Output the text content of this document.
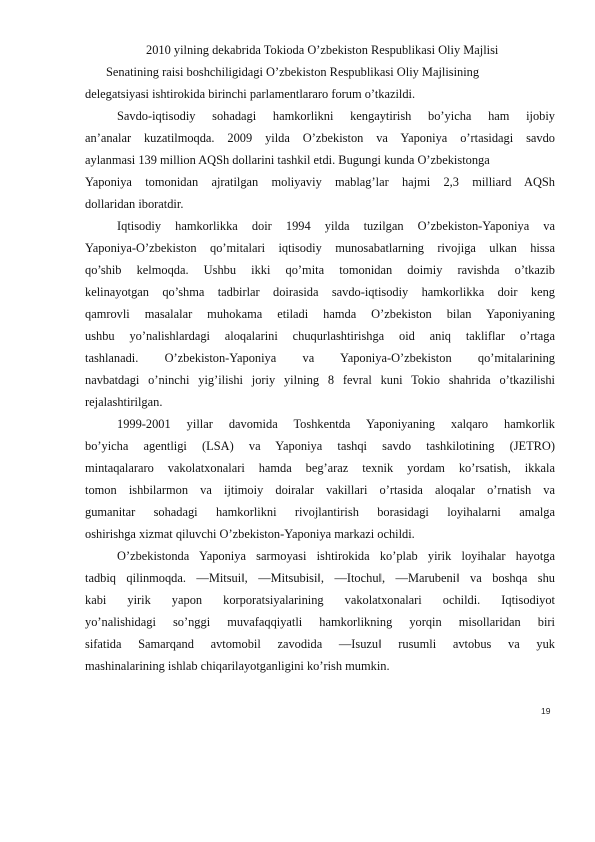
2010 yilning dekabrida Tokioda O’zbekiston Respublikasi Oliy Majlisi
Senatining raisi boshchiligidagi O’zbekiston Respublikasi Oliy Majlisining
delegatsiyasi ishtirokida birinchi parlamentlararo forum o’tkazildi.
Savdo-iqtisodiy sohadagi hamkorlikni kengaytirish bo’yicha ham ijobiy
an’analar kuzatilmoqda. 2009 yilda O’zbekiston va Yaponiya o’rtasidagi savdo
aylanmasi 139 million AQSh dollarini tashkil etdi. Bugungi kunda O’zbekistonga
Yaponiya tomonidan ajratilgan moliyaviy mablag’lar hajmi 2,3 milliard AQSh
dollaridan iboratdir.
Iqtisodiy hamkorlikka doir 1994 yilda tuzilgan O’zbekiston-Yaponiya va
Yaponiya-O’zbekiston qo’mitalari iqtisodiy munosabatlarning rivojiga ulkan hissa
qo’shib kelmoqda. Ushbu ikki qo’mita tomonidan doimiy ravishda o’tkazib
kelinayotgan qo’shma tadbirlar doirasida savdo-iqtisodiy hamkorlikka doir keng
qamrovli masalalar muhokama etiladi hamda O’zbekiston bilan Yaponiyaning
ushbu yo’nalishlardagi aloqalarini chuqurlashtirishga oid aniq takliflar o’rtaga
tashlanadi. O’zbekiston-Yaponiya va Yaponiya-O’zbekiston qo’mitalarining
navbatdagi o’ninchi yig’ilishi joriy yilning 8 fevral kuni Tokio shahrida o’tkazilishi
rejalashtirilgan.
1999-2001 yillar davomida Toshkentda Yaponiyaning xalqaro hamkorlik
bo’yicha agentligi (LSA) va Yaponiya tashqi savdo tashkilotining (JETRO)
mintaqalararo vakolatxonalari hamda beg’araz texnik yordam ko’rsatish, ikkala
tomon ishbilarmon va ijtimoiy doiralar vakillari o’rtasida aloqalar o’rnatish va
gumanitar sohadagi hamkorlikni rivojlantirish borasidagi loyihalarni amalga
oshirishga xizmat qiluvchi O’zbekiston-Yaponiya markazi ochildi.
O’zbekistonda Yaponiya sarmoyasi ishtirokida ko’plab yirik loyihalar hayotga
tadbiq qilinmoqda. ―Mitsui‖, ―Mitsubisi‖, ―Itochu‖, ―Marubeni‖ va boshqa shu
kabi yirik yapon korporatsiyalarining vakolatxonalari ochildi. Iqtisodiyot
yo’nalishidagi so’nggi muvafaqqiyatli hamkorlikning yorqin misollaridan biri
sifatida Samarqand avtomobil zavodida ―Isuzu‖ rusumli avtobus va yuk
mashinalarining ishlab chiqarilayotganligini ko’rish mumkin.
19
